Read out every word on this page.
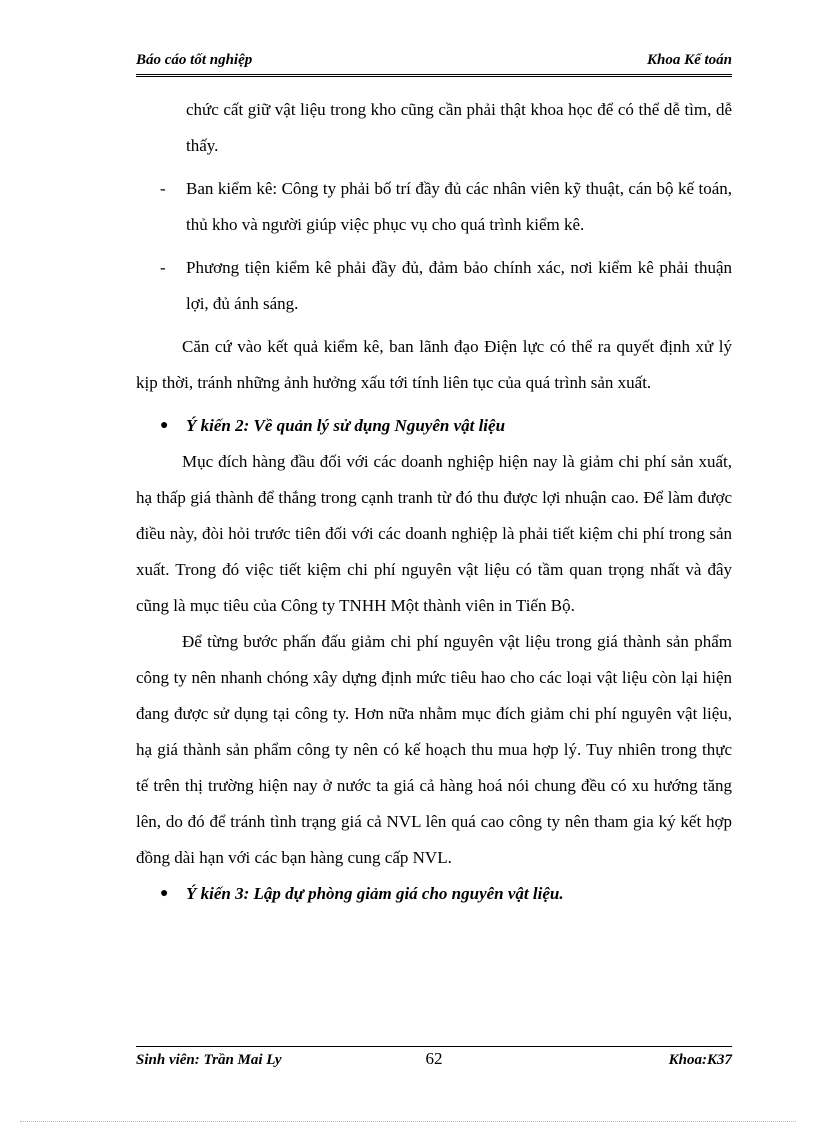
Báo cáo tốt nghiệp	Khoa Kế toán

chức cất giữ vật liệu trong kho cũng cần phải thật khoa học để có thể dễ tìm, dễ thấy.

- Ban kiểm kê: Công ty phải bố trí đầy đủ các nhân viên kỹ thuật, cán bộ kế toán, thủ kho và người giúp việc phục vụ cho quá trình kiểm kê.
- Phương tiện kiểm kê phải đầy đủ, đảm bảo chính xác, nơi kiểm kê phải thuận lợi, đủ ánh sáng.

Căn cứ vào kết quả kiểm kê, ban lãnh đạo Điện lực có thể ra quyết định xử lý kịp thời, tránh những ảnh hưởng xấu tới tính liên tục của quá trình sản xuất.

● Ý kiến 2: Về quản lý sử dụng Nguyên vật liệu

Mục đích hàng đầu đối với các doanh nghiệp hiện nay là giảm chi phí sản xuất, hạ thấp giá thành để thắng trong cạnh tranh từ đó thu được lợi nhuận cao. Để làm được điều này, đòi hỏi trước tiên đối với các doanh nghiệp là phải tiết kiệm chi phí trong sản xuất. Trong đó việc tiết kiệm chi phí nguyên vật liệu có tầm quan trọng nhất và đây cũng là mục tiêu của Công ty TNHH Một thành viên in Tiến Bộ.

Để từng bước phấn đấu giảm chi phí nguyên vật liệu trong giá thành sản phẩm công ty nên nhanh chóng xây dựng định mức tiêu hao cho các loại vật liệu còn lại hiện đang được sử dụng tại công ty. Hơn nữa nhằm mục đích giảm chi phí nguyên vật liệu, hạ giá thành sản phẩm công ty nên có kế hoạch thu mua hợp lý. Tuy nhiên trong thực tế trên thị trường hiện nay ở nước ta giá cả hàng hoá nói chung đều có xu hướng tăng lên, do đó để tránh tình trạng giá cả NVL lên quá cao công ty nên tham gia ký kết hợp đồng dài hạn với các bạn hàng cung cấp NVL.

● Ý kiến 3: Lập dự phòng giảm giá cho nguyên vật liệu.
Sinh viên: Trần Mai Ly	62	Khoa:K37
